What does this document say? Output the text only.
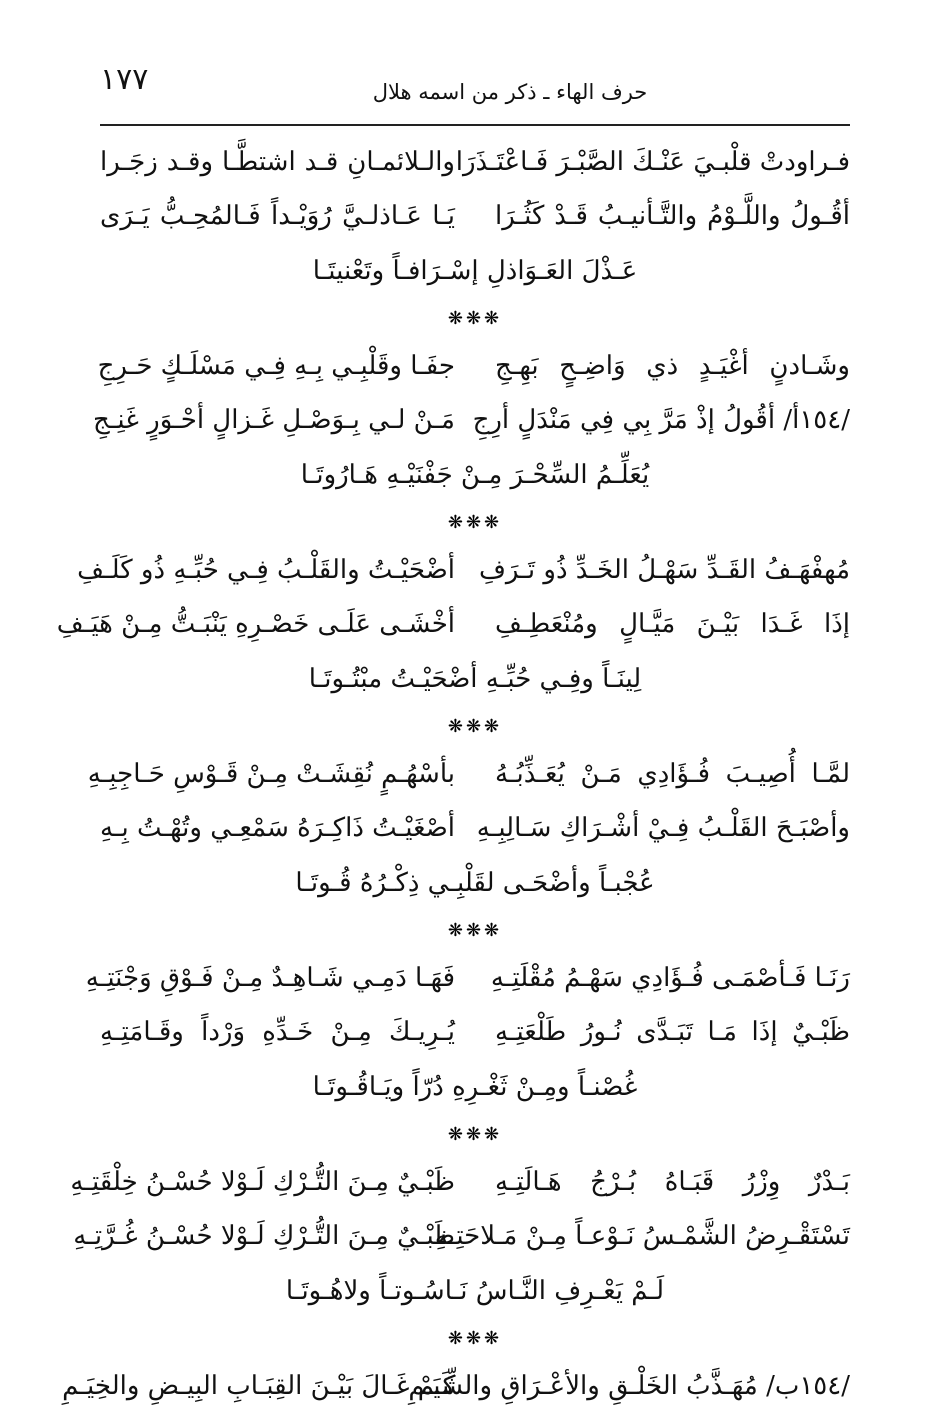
١٧٧	حرف الهاء ـ ذكر من اسمه هلال
فـراودتْ قلْبـيَ عَنْـكَ الصَّبْـرَ فَـاعْتَـذَرَا
والـلائمـانِ قـد اشتطَّـا وقـد زجَـرا
أقُـولُ واللَّـوْمُ والتَّـأنيـبُ قَـدْ كَثُـرَا
يَـا عَـاذلـيَّ رُوَيْـداً فَـالمُحِـبُّ يَـرَى
عَـذْلَ العَـوَاذلِ إسْـرَافـاً وتَعْنيتَـا
❋❋❋
وشَـادنٍ أغْيَـدٍ ذي وَاضِـحٍ بَهِـجِ
جفَـا وقَلْبِـي بِـهِ فِـي مَسْلَـكٍ حَـرِجِ
/١٥٤أ/ أقُولُ إذْ مَرَّ بِي فِي مَنْدَلٍ أرِجِ
مَـنْ لـي بِـوَصْـلِ غَـزالٍ أحْـوَرٍ غَنِـجِ
يُعَلِّـمُ السِّحْـرَ مِـنْ جَفْنَيْـهِ هَـارُوتَـا
❋❋❋
مُهفْهَـفُ القَـدِّ سَهْـلُ الخَـدِّ ذُو تَـرَفِ
أضْحَيْـتُ والقَلْـبُ فِـي حُبِّـهِ ذُو كَلَـفِ
إذَا غَـدَا بَيْـنَ مَيَّـالٍ ومُنْعَطِـفِ
أخْشَـى عَلَـى خَصْـرِهِ يَنْبَـتُّ مِـنْ هَيَـفِ
لِينَـاً وفِـي حُبِّـهِ أضْحَيْـتُ مبْتُـوتَـا
❋❋❋
لمَّـا أُصِيـبَ فُـؤَادِي مَـنْ يُعَـذِّبُـهُ
بأسْهُـمٍ نُقِشَـتْ مِـنْ قَـوْسِ حَـاجِبِـهِ
وأصْبَـحَ القَلْـبُ فِـيْ أشْـرَاكِ سَـالِبِـهِ
أصْغَيْـتُ ذَاكِـرَهُ سَمْعِـي وتُهْـتُ بِـهِ
عُجْبـاً وأضْحَـى لقَلْبِـي ذِكْـرُهُ قُـوتَـا
❋❋❋
رَنَـا فَـأصْمَـى فُـؤَادِي سَهْـمُ مُقْلَتِـهِ
فَهَـا دَمِـي شَـاهِـدٌ مِـنْ فَـوْقِ وَجْنَتِـهِ
ظَبْـيٌ إذَا مَـا تَبَـدَّى نُـورُ طَلْعَتِـهِ
يُـرِيـكَ مِـنْ خَـدِّهِ وَرْداً وقَـامَتِـهِ
غُصْنـاً ومِـنْ ثَغْـرِهِ دُرّاً ويَـاقُـوتَـا
❋❋❋
بَـدْرٌ وِزْرُ قَبَـاهُ بُـرْجُ هَـالَتِـهِ
ظَبْـيٌ مِـنَ التُّـرْكِ لَـوْلا حُسْـنُ خِلْقَتِـهِ
تَسْتَقْـرِضُ الشَّمْـسُ نَـوْعـاً مِـنْ مَـلاحَتِـهِ
ظَبْـيٌ مِـنَ التُّـرْكِ لَـوْلا حُسْـنُ غُـرَّتِـهِ
لَـمْ يَعْـرِفِ النَّـاسُ نَـاسُـوتـاً ولاهُـوتَـا
❋❋❋
/١٥٤ب/ مُهَـذَّبُ الخَلْـقِ والأعْـرَاقِ والشِّيَـمِ
كَـمْ غَـالَ بَيْـنَ القِبَـابِ البِيـضِ والخِيَـمِ
